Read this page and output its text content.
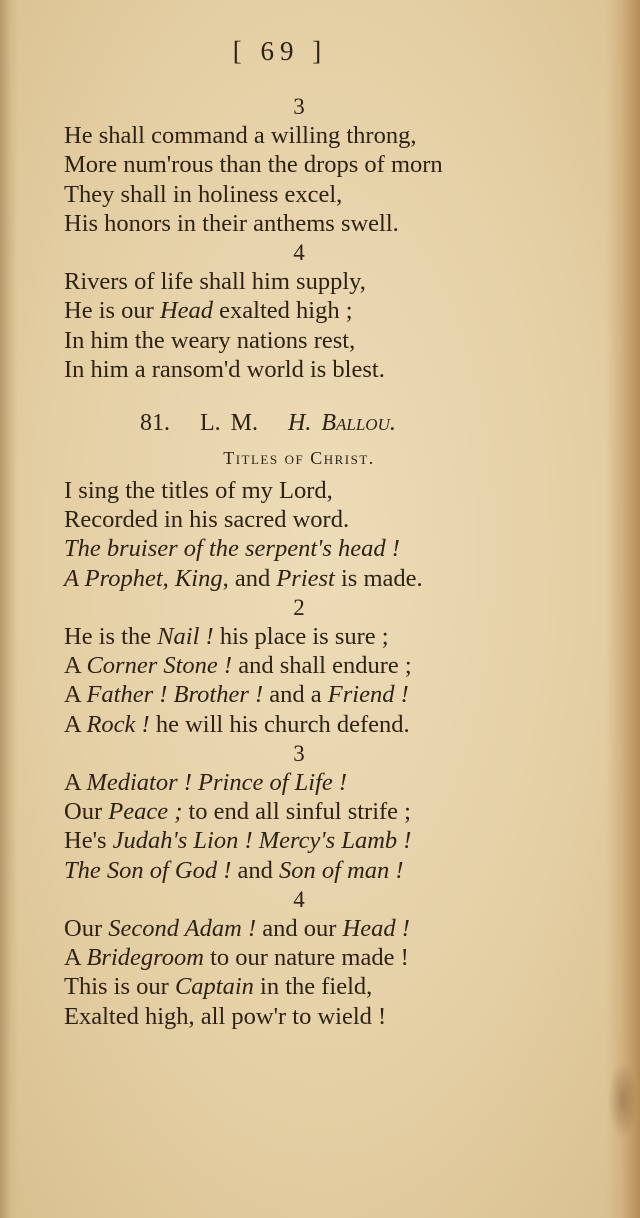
[ 69 ]
3
He shall command a willing throng,
More num'rous than the drops of morn
They shall in holiness excel,
His honors in their anthems swell.
4
Rivers of life shall him supply,
He is our Head exalted high ;
In him the weary nations rest,
In him a ransom'd world is blest.
81. L. M. H. Ballou.
Titles of Christ.
I sing the titles of my Lord,
Recorded in his sacred word.
The bruiser of the serpent's head !
A Prophet, King, and Priest is made.
2
He is the Nail ! his place is sure ;
A Corner Stone ! and shall endure ;
A Father ! Brother ! and a Friend !
A Rock ! he will his church defend.
3
A Mediator ! Prince of Life !
Our Peace ; to end all sinful strife ;
He's Judah's Lion ! Mercy's Lamb !
The Son of God ! and Son of man !
4
Our Second Adam ! and our Head !
A Bridegroom to our nature made !
This is our Captain in the field,
Exalted high, all pow'r to wield !
